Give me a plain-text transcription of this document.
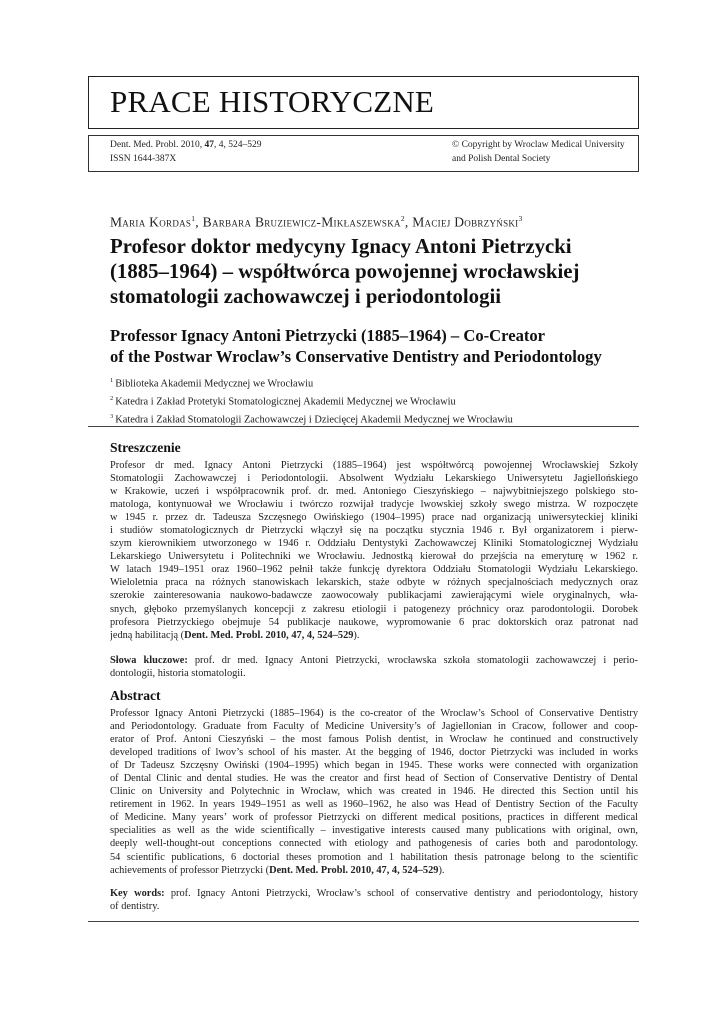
PRACE HISTORYCZNE
Dent. Med. Probl. 2010, 47, 4, 524–529
ISSN 1644-387X
© Copyright by Wroclaw Medical University
and Polish Dental Society
Maria Kordas$^1$, Barbara Bruziewicz-Mikłaszewska$^2$, Maciej Dobrzyński$^3$
Profesor doktor medycyny Ignacy Antoni Pietrzycki
(1885–1964) – współtwórca powojennej wrocławskiej
stomatologii zachowawczej i periodontologii
Professor Ignacy Antoni Pietrzycki (1885–1964) – Co-Creator
of the Postwar Wroclaw’s Conservative Dentistry and Periodontology
$^1$ Biblioteka Akademii Medycznej we Wrocławiu
$^2$ Katedra i Zakład Protetyki Stomatologicznej Akademii Medycznej we Wrocławiu
$^3$ Katedra i Zakład Stomatologii Zachowawczej i Dziecięcej Akademii Medycznej we Wrocławiu
Streszczenie
Profesor dr med. Ignacy Antoni Pietrzycki (1885–1964) jest współtwórcą powojennej Wrocławskiej Szkoły
Stomatologii Zachowawczej i Periodontologii. Absolwent Wydziału Lekarskiego Uniwersytetu Jagiellońskiego
w Krakowie, uczeń i współpracownik prof. dr. med. Antoniego Cieszyńskiego – najwybitniejszego polskiego sto-
matologa, kontynuował we Wrocławiu i twórczo rozwijał tradycje lwowskiej szkoły swego mistrza. W rozpoczęte
w 1945 r. przez dr. Tadeusza Szczęsnego Owińskiego (1904–1995) prace nad organizacją uniwersyteckiej kliniki
i studiów stomatologicznych dr Pietrzycki włączył się na początku stycznia 1946 r. Był organizatorem i pierw-
szym kierownikiem utworzonego w 1946 r. Oddziału Dentystyki Zachowawczej Kliniki Stomatologicznej Wydziału
Lekarskiego Uniwersytetu i Politechniki we Wrocławiu. Jednostką kierował do przejścia na emeryturę w 1962 r.
W latach 1949–1951 oraz 1960–1962 pełnił także funkcję dyrektora Oddziału Stomatologii Wydziału Lekarskiego.
Wieloletnia praca na różnych stanowiskach lekarskich, staże odbyte w różnych specjalnościach medycznych oraz
szerokie zainteresowania naukowo-badawcze zaowocowały publikacjami zawierającymi wiele oryginalnych, wła-
snych, głęboko przemyślanych koncepcji z zakresu etiologii i patogenezy próchnicy oraz parodontologii. Dorobek
profesora Pietrzyckiego obejmuje 54 publikacje naukowe, wypromowanie 6 prac doktorskich oraz patronat nad
jedną habilitacją (Dent. Med. Probl. 2010, 47, 4, 524–529).
Słowa kluczowe: prof. dr med. Ignacy Antoni Pietrzycki, wrocławska szkoła stomatologii zachowawczej i perio-
dontologii, historia stomatologii.
Abstract
Professor Ignacy Antoni Pietrzycki (1885–1964) is the co-creator of the Wroclaw’s School of Conservative Dentistry
and Periodontology. Graduate from Faculty of Medicine University’s of Jagiellonian in Cracow, follower and coop-
erator of Prof. Antoni Cieszyński – the most famous Polish dentist, in Wrocław he continued and constructively
developed traditions of lwov’s school of his master. At the begging of 1946, doctor Pietrzycki was included in works
of Dr Tadeusz Szczęsny Owiński (1904–1995) which began in 1945. These works were connected with organization
of Dental Clinic and dental studies. He was the creator and first head of Section of Conservative Dentistry of Dental
Clinic on University and Polytechnic in Wrocław, which was created in 1946. He directed this Section until his
retirement in 1962. In years 1949–1951 as well as 1960–1962, he also was Head of Dentistry Section of the Faculty
of Medicine. Many years’ work of professor Pietrzycki on different medical positions, practices in different medical
specialities as well as the wide scientifically – investigative interests caused many publications with original, own,
deeply well-thought-out conceptions connected with etiology and pathogenesis of caries both and parodontology.
54 scientific publications, 6 doctorial theses promotion and 1 habilitation thesis patronage belong to the scientific
achievements of professor Pietrzycki (Dent. Med. Probl. 2010, 47, 4, 524–529).
Key words: prof. Ignacy Antoni Pietrzycki, Wrocław’s school of conservative dentistry and periodontology, history
of dentistry.
